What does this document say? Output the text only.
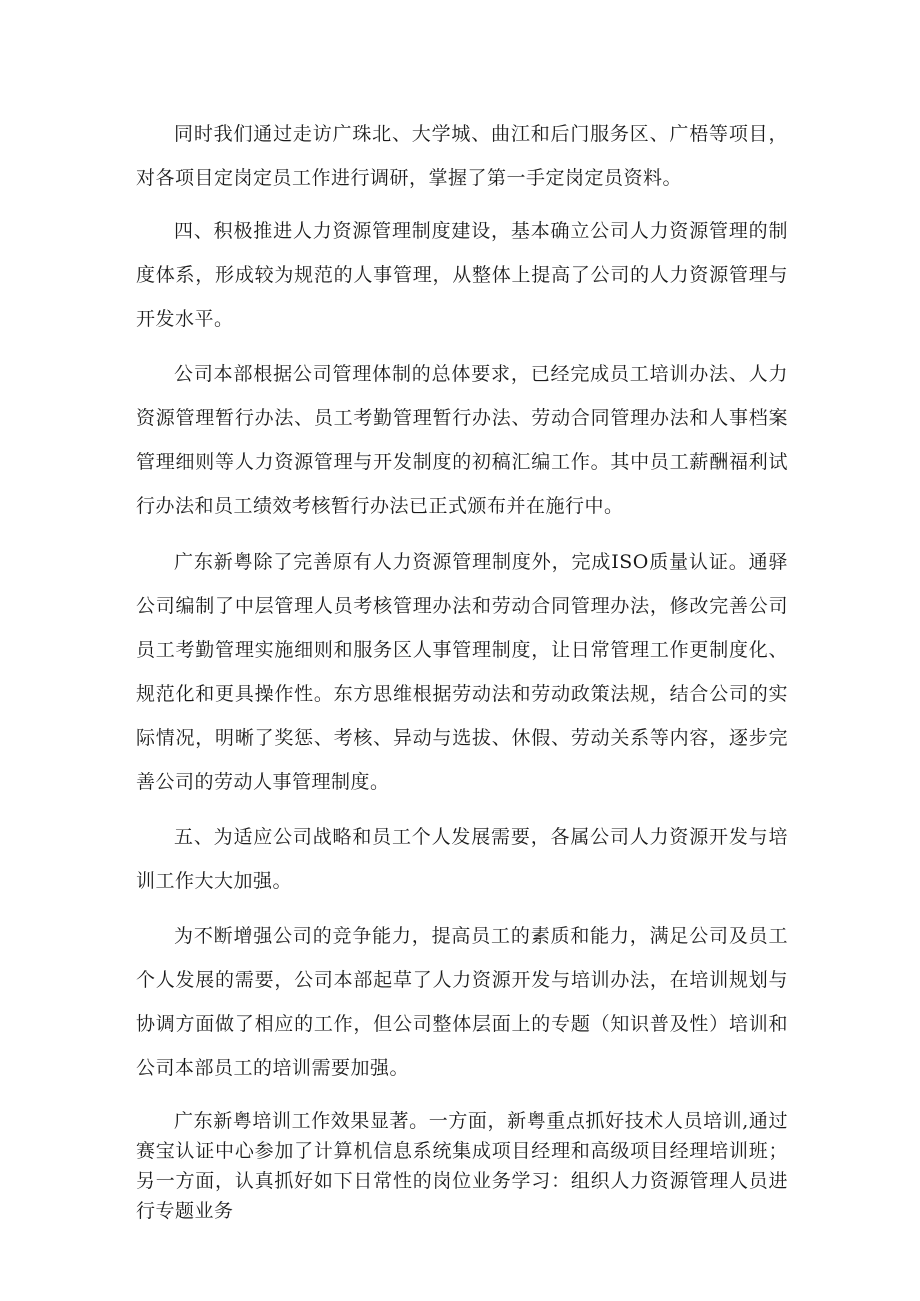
同时我们通过走访广珠北、大学城、曲江和后门服务区、广梧等项目，对各项目定岗定员工作进行调研，掌握了第一手定岗定员资料。

四、积极推进人力资源管理制度建设，基本确立公司人力资源管理的制度体系，形成较为规范的人事管理，从整体上提高了公司的人力资源管理与开发水平。

公司本部根据公司管理体制的总体要求，已经完成员工培训办法、人力资源管理暂行办法、员工考勤管理暂行办法、劳动合同管理办法和人事档案管理细则等人力资源管理与开发制度的初稿汇编工作。其中员工薪酬福利试行办法和员工绩效考核暂行办法已正式颁布并在施行中。

广东新粤除了完善原有人力资源管理制度外，完成ISO质量认证。通驿公司编制了中层管理人员考核管理办法和劳动合同管理办法，修改完善公司员工考勤管理实施细则和服务区人事管理制度，让日常管理工作更制度化、规范化和更具操作性。东方思维根据劳动法和劳动政策法规，结合公司的实际情况，明晰了奖惩、考核、异动与选拔、休假、劳动关系等内容，逐步完善公司的劳动人事管理制度。

五、为适应公司战略和员工个人发展需要，各属公司人力资源开发与培训工作大大加强。

为不断增强公司的竞争能力，提高员工的素质和能力，满足公司及员工个人发展的需要，公司本部起草了人力资源开发与培训办法，在培训规划与协调方面做了相应的工作，但公司整体层面上的专题（知识普及性）培训和公司本部员工的培训需要加强。

广东新粤培训工作效果显著。一方面，新粤重点抓好技术人员培训,通过赛宝认证中心参加了计算机信息系统集成项目经理和高级项目经理培训班；另一方面，认真抓好如下日常性的岗位业务学习：组织人力资源管理人员进行专题业务
